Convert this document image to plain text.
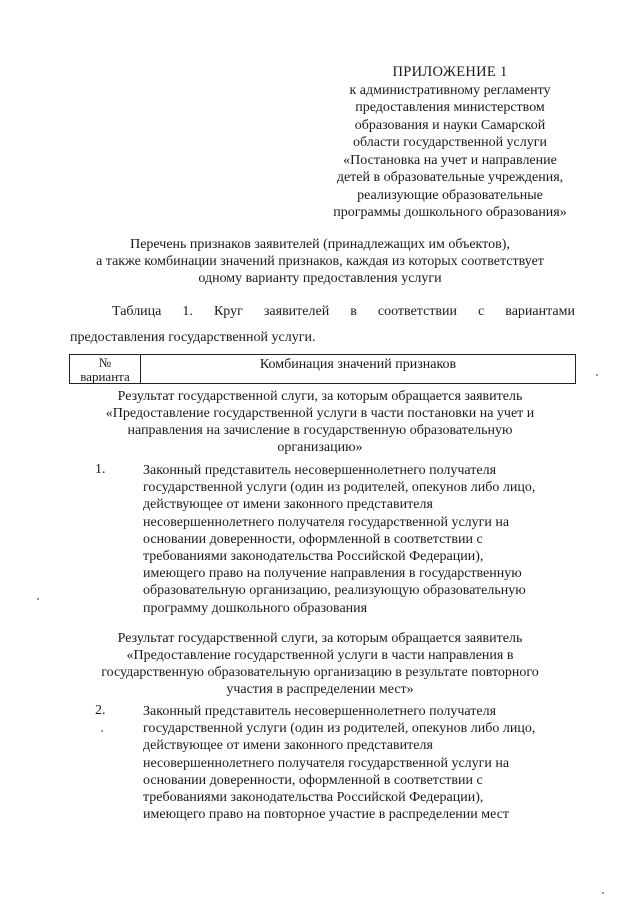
ПРИЛОЖЕНИЕ 1
к административному регламенту
предоставления министерством
образования и науки Самарской
области государственной услуги
«Постановка на учет и направление
детей в образовательные учреждения,
реализующие образовательные
программы дошкольного образования»
Перечень признаков заявителей (принадлежащих им объектов),
а также комбинации значений признаков, каждая из которых соответствует
одному варианту предоставления услуги
Таблица 1. Круг заявителей в соответствии с вариантами
предоставления государственной услуги.
№
варианта
Комбинация значений признаков
Результат государственной слуги, за которым обращается заявитель
«Предоставление государственной услуги в части постановки на учет и
направления на зачисление в государственную образовательную
организацию»
1.	Законный представитель несовершеннолетнего получателя
государственной услуги (один из родителей, опекунов либо лицо,
действующее от имени законного представителя
несовершеннолетнего получателя государственной услуги на
основании доверенности, оформленной в соответствии с
требованиями законодательства Российской Федерации),
имеющего право на получение направления в государственную
образовательную организацию, реализующую образовательную
программу дошкольного образования
Результат государственной слуги, за которым обращается заявитель
«Предоставление государственной услуги в части направления в
государственную образовательную организацию в результате повторного
участия в распределении мест»
2.	Законный представитель несовершеннолетнего получателя
государственной услуги (один из родителей, опекунов либо лицо,
действующее от имени законного представителя
несовершеннолетнего получателя государственной услуги на
основании доверенности, оформленной в соответствии с
требованиями законодательства Российской Федерации),
имеющего право на повторное участие в распределении мест
